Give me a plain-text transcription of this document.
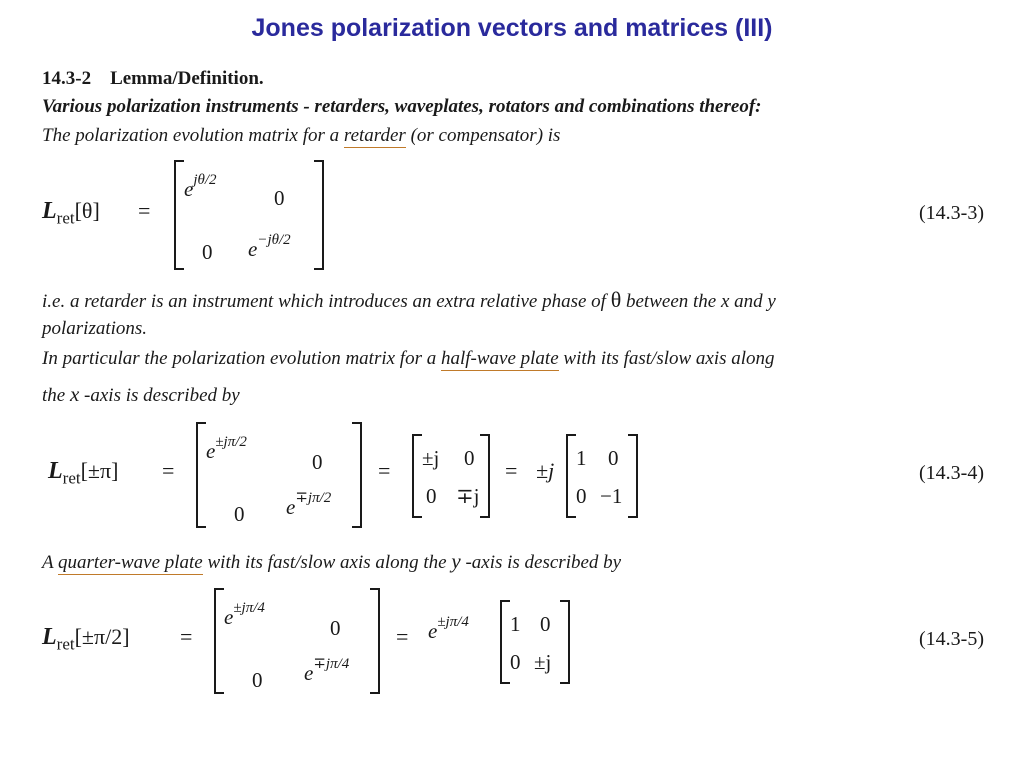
Jones polarization vectors and matrices (III)
14.3-2 Lemma/Definition.
Various polarization instruments - retarders, waveplates, rotators and combinations thereof:
The polarization evolution matrix for a retarder (or compensator) is
$L_{ret}[\theta]$ =
$e^{j\theta/2}$
0
0 $e^{-j\theta/2}$
(14.3-3)
i.e. a retarder is an instrument which introduces an extra relative phase of θ between the x and y
polarizations.
In particular the polarization evolution matrix for a half-wave plate with its fast/slow axis along
the x -axis is described by
$L_{ret}[\pm\pi]$ =
$e^{\pm j\pi/2}$
0
0 $e^{\mp j\pi/2}$
= ±j 0
0 ∓j
= ±j 1 0
0 −1
(14.3-4)
A quarter-wave plate with its fast/slow axis along the y -axis is described by
$L_{ret}[\pm\pi/2]$ =
$e^{\pm j\pi/4}$
0
0 $e^{\mp j\pi/4}$
= $e^{\pm j\pi/4}$ 1 0
0 ±j
(14.3-5)
